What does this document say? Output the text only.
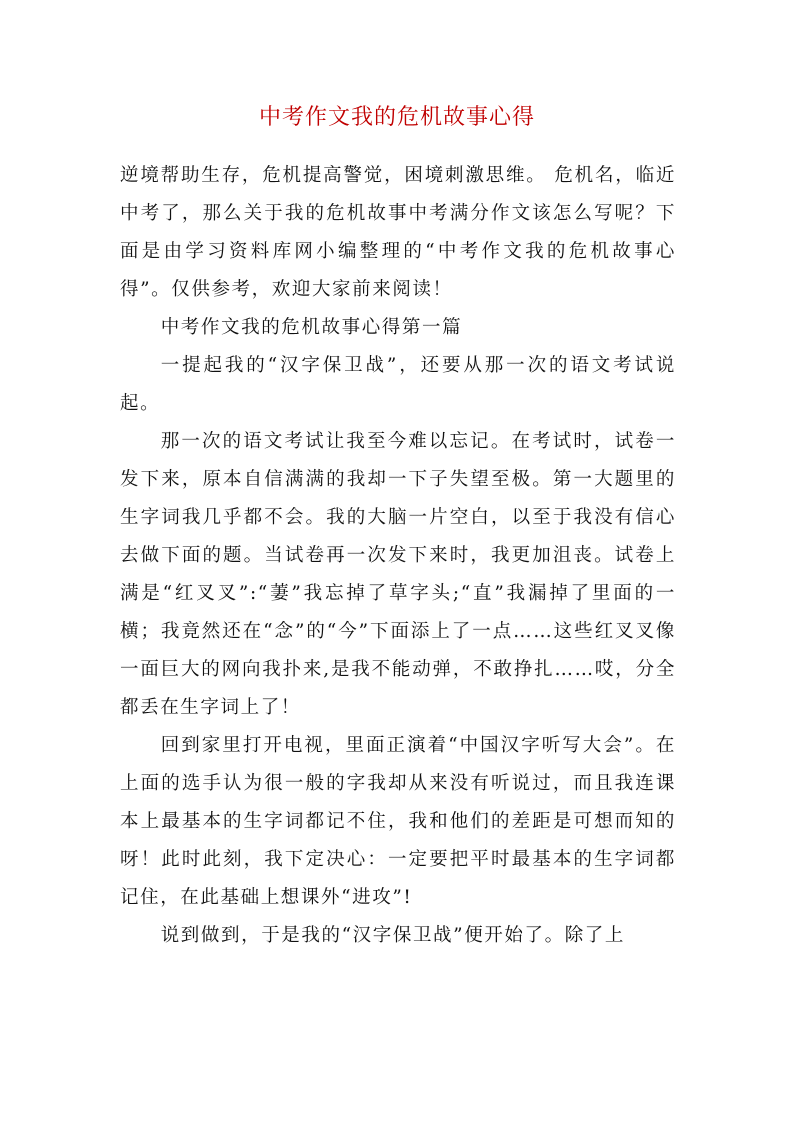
中考作文我的危机故事心得

逆境帮助生存，危机提高警觉，困境刺激思维。 危机名，临近中考了，那么关于我的危机故事中考满分作文该怎么写呢？下面是由学习资料库网小编整理的“中考作文我的危机故事心得”。仅供参考，欢迎大家前来阅读！

中考作文我的危机故事心得第一篇

一提起我的“汉字保卫战”，还要从那一次的语文考试说起。

那一次的语文考试让我至今难以忘记。在考试时，试卷一发下来，原本自信满满的我却一下子失望至极。第一大题里的生字词我几乎都不会。我的大脑一片空白，以至于我没有信心去做下面的题。当试卷再一次发下来时，我更加沮丧。试卷上满是“红叉叉”:“萋”我忘掉了草字头;“直”我漏掉了里面的一横；我竟然还在“念”的“今”下面添上了一点……这些红叉叉像一面巨大的网向我扑来,是我不能动弹，不敢挣扎……哎，分全都丢在生字词上了！

回到家里打开电视，里面正演着“中国汉字听写大会”。在上面的选手认为很一般的字我却从来没有听说过，而且我连课本上最基本的生字词都记不住，我和他们的差距是可想而知的呀！此时此刻，我下定决心：一定要把平时最基本的生字词都记住，在此基础上想课外“进攻”!

说到做到，于是我的“汉字保卫战”便开始了。除了上
